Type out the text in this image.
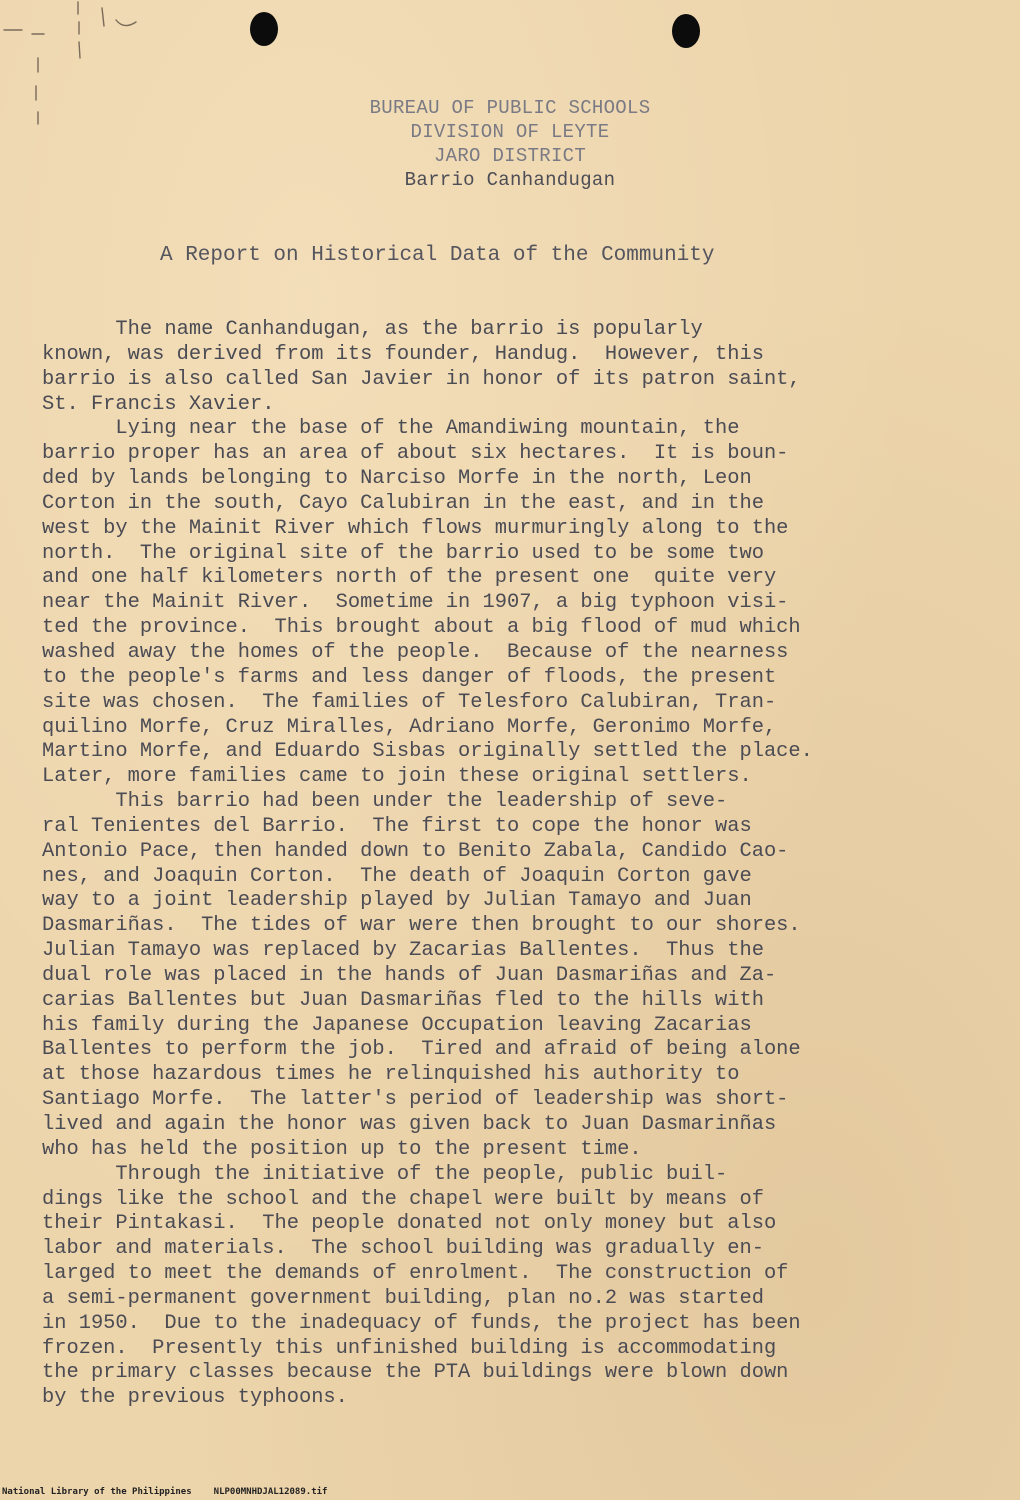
BUREAU OF PUBLIC SCHOOLS
DIVISION OF LEYTE
JARO DISTRICT
Barrio Canhandugan
A Report on Historical Data of the Community
The name Canhandugan, as the barrio is popularly
known, was derived from its founder, Handug.  However, this
barrio is also called San Javier in honor of its patron saint,
St. Francis Xavier.
Lying near the base of the Amandiwing mountain, the
barrio proper has an area of about six hectares.  It is boun-
ded by lands belonging to Narciso Morfe in the north, Leon
Corton in the south, Cayo Calubiran in the east, and in the
west by the Mainit River which flows murmuringly along to the
north.  The original site of the barrio used to be some two
and one half kilometers north of the present one  quite very
near the Mainit River.  Sometime in 1907, a big typhoon visi-
ted the province.  This brought about a big flood of mud which
washed away the homes of the people.  Because of the nearness
to the people's farms and less danger of floods, the present
site was chosen.  The families of Telesforo Calubiran, Tran-
quilino Morfe, Cruz Miralles, Adriano Morfe, Geronimo Morfe,
Martino Morfe, and Eduardo Sisbas originally settled the place.
Later, more families came to join these original settlers.
This barrio had been under the leadership of seve-
ral Tenientes del Barrio.  The first to cope the honor was
Antonio Pace, then handed down to Benito Zabala, Candido Cao-
nes, and Joaquin Corton.  The death of Joaquin Corton gave
way to a joint leadership played by Julian Tamayo and Juan
Dasmariñas.  The tides of war were then brought to our shores.
Julian Tamayo was replaced by Zacarias Ballentes.  Thus the
dual role was placed in the hands of Juan Dasmariñas and Za-
carias Ballentes but Juan Dasmariñas fled to the hills with
his family during the Japanese Occupation leaving Zacarias
Ballentes to perform the job.  Tired and afraid of being alone
at those hazardous times he relinquished his authority to
Santiago Morfe.  The latter's period of leadership was short-
lived and again the honor was given back to Juan Dasmarinñas
who has held the position up to the present time.
Through the initiative of the people, public buil-
dings like the school and the chapel were built by means of
their Pintakasi.  The people donated not only money but also
labor and materials.  The school building was gradually en-
larged to meet the demands of enrolment.  The construction of
a semi-permanent government building, plan no.2 was started
in 1950.  Due to the inadequacy of funds, the project has been
frozen.  Presently this unfinished building is accommodating
the primary classes because the PTA buildings were blown down
by the previous typhoons.
National Library of the Philippines NLP00MNHDJAL12089.tif
